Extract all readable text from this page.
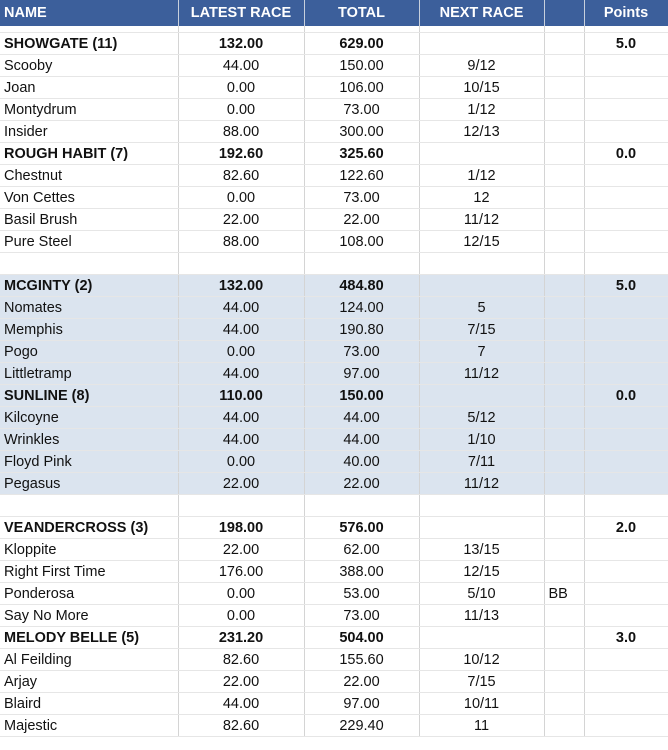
NAME	LATEST RACE	TOTAL	NEXT RACE		Points

SHOWGATE (11)	132.00	629.00			5.0
Scooby	44.00	150.00	9/12		
Joan	0.00	106.00	10/15		
Montydrum	0.00	73.00	1/12		
Insider	88.00	300.00	12/13		
ROUGH HABIT (7)	192.60	325.60			0.0
Chestnut	82.60	122.60	1/12		
Von Cettes	0.00	73.00	12		
Basil Brush	22.00	22.00	11/12		
Pure Steel	88.00	108.00	12/15		

MCGINTY (2)	132.00	484.80			5.0
Nomates	44.00	124.00	5		
Memphis	44.00	190.80	7/15		
Pogo	0.00	73.00	7		
Littletramp	44.00	97.00	11/12		
SUNLINE (8)	110.00	150.00			0.0
Kilcoyne	44.00	44.00	5/12		
Wrinkles	44.00	44.00	1/10		
Floyd Pink	0.00	40.00	7/11		
Pegasus	22.00	22.00	11/12		

VEANDERCROSS (3)	198.00	576.00			2.0
Kloppite	22.00	62.00	13/15		
Right First Time	176.00	388.00	12/15		
Ponderosa	0.00	53.00	5/10	BB	
Say No More	0.00	73.00	11/13		
MELODY BELLE (5)	231.20	504.00			3.0
Al Feilding	82.60	155.60	10/12		
Arjay	22.00	22.00	7/15		
Blaird	44.00	97.00	10/11		
Majestic	82.60	229.40	11		
